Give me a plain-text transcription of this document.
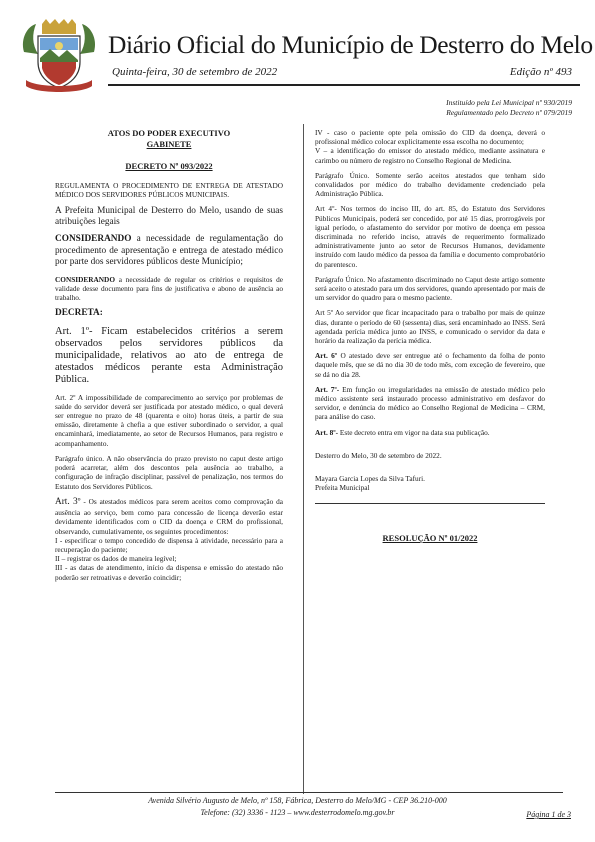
Diário Oficial do Município de Desterro do Melo
Quinta-feira, 30 de setembro de 2022	Edição nº 493
Instituído pela Lei Municipal nº 930/2019
Regulamentado pelo Decreto nº 079/2019
ATOS DO PODER EXECUTIVO
GABINETE
DECRETO Nº 093/2022

REGULAMENTA O PROCEDIMENTO DE ENTREGA DE ATESTADO MÉDICO DOS SERVIDORES PÚBLICOS MUNICIPAIS.

A Prefeita Municipal de Desterro do Melo, usando de suas atribuições legais

CONSIDERANDO a necessidade de regulamentação do procedimento de apresentação e entrega de atestado médico por parte dos servidores públicos deste Município;

CONSIDERANDO a necessidade de regular os critérios e requisitos de validade desse documento para fins de justificativa e abono de ausência ao trabalho.

DECRETA:

Art. 1º- Ficam estabelecidos critérios a serem observados pelos servidores públicos da municipalidade, relativos ao ato de entrega de atestados médicos perante esta Administração Pública.

Art. 2º A impossibilidade de comparecimento ao serviço por problemas de saúde do servidor deverá ser justificada por atestado médico, o qual deverá ser entregue no prazo de 48 (quarenta e oito) horas úteis, a partir de sua emissão, diretamente à chefia a que estiver subordinado o servidor, a qual encaminhará, imediatamente, ao setor de Recursos Humanos, para registro e acompanhamento.

Parágrafo único. A não observância do prazo previsto no caput deste artigo poderá acarretar, além dos descontos pela ausência ao trabalho, a configuração de infração disciplinar, passível de penalização, nos termos do Estatuto dos Servidores Públicos.

Art. 3º - Os atestados médicos para serem aceitos como comprovação da ausência ao serviço, bem como para concessão de licença deverão estar devidamente identificados com o CID da doença e CRM do profissional, observando, cumulativamente, os seguintes procedimentos:
I - especificar o tempo concedido de dispensa à atividade, necessário para a recuperação do paciente;
II – registrar os dados de maneira legível;
III - as datas de atendimento, início da dispensa e emissão do atestado não poderão ser retroativas e deverão coincidir;

IV - caso o paciente opte pela omissão do CID da doença, deverá o profissional médico colocar explicitamente essa escolha no documento;
V – a identificação do emissor do atestado médico, mediante assinatura e carimbo ou número de registro no Conselho Regional de Medicina.

Parágrafo Único. Somente serão aceitos atestados que tenham sido convalidados por médico do trabalho devidamente credenciado pela Administração Pública.

Art 4º- Nos termos do inciso III, do art. 85, do Estatuto dos Servidores Públicos Municipais, poderá ser concedido, por até 15 dias, prorrogáveis por igual período, o afastamento do servidor por motivo de doença em pessoa discriminada no referido inciso, através de requerimento formalizado administrativamente junto ao setor de Recursos Humanos, devidamente instruído com laudo médico da pessoa da família e documento comprobatório do parentesco.

Parágrafo Único. No afastamento discriminado no Caput deste artigo somente será aceito o atestado para um dos servidores, quando apresentado por mais de um servidor do quadro para o mesmo paciente.

Art 5º Ao servidor que ficar incapacitado para o trabalho por mais de quinze dias, durante o período de 60 (sessenta) dias, será encaminhado ao INSS. Será agendada perícia médica junto ao INSS, e comunicado o servidor da data e horário da realização da perícia médica.

Art. 6º O atestado deve ser entregue até o fechamento da folha de ponto daquele mês, que se dá no dia 30 de todo mês, com exceção de fevereiro, que se dá no dia 28.

Art. 7º- Em função ou irregularidades na emissão de atestado médico pelo médico assistente será instaurado processo administrativo em desfavor do servidor, e denúncia do médico ao Conselho Regional de Medicina – CRM, para análise do caso.

Art. 8º- Este decreto entra em vigor na data sua publicação.

Desterro do Melo, 30 de setembro de 2022.

Mayara Garcia Lopes da Silva Tafuri.
Prefeita Municipal

RESOLUÇÃO Nº 01/2022
Avenida Silvério Augusto de Melo, nº 158, Fábrica, Desterro do Melo/MG - CEP 36.210-000
Telefone: (32) 3336 - 1123 – www.desterrodomelo.mg.gov.br	Página 1 de 3
